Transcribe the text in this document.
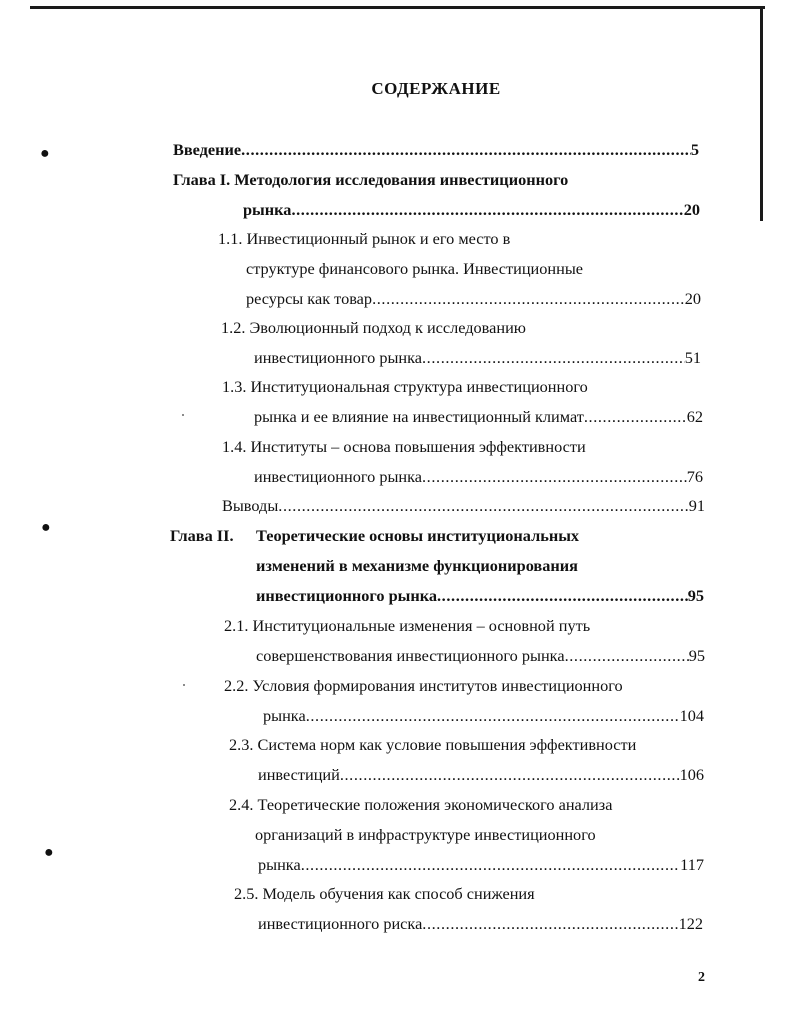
●
●
●
СОДЕРЖАНИЕ
Введение .....	5
Глава I. Методология исследования инвестиционного
рынка .....	20
1.1. Инвестиционный рынок и его место в
структуре финансового рынка. Инвестиционные
ресурсы как товар .....	20
1.2. Эволюционный подход к исследованию
инвестиционного рынка .....	51
1.3. Институциональная структура инвестиционного
рынка и ее влияние на инвестиционный климат .....	62
1.4. Институты – основа повышения эффективности
инвестиционного рынка .....	76
Выводы .....	91
Глава II. Теоретические основы институциональных
изменений в механизме функционирования
инвестиционного рынка .....	95
2.1. Институциональные изменения – основной путь
совершенствования инвестиционного рынка .....	95
2.2. Условия формирования институтов инвестиционного
рынка .....	104
2.3. Система норм как условие повышения эффективности
инвестиций .....	106
2.4. Теоретические положения экономического анализа
организаций в инфраструктуре инвестиционного
рынка .....	117
2.5. Модель обучения как способ снижения
инвестиционного риска .....	122
2
